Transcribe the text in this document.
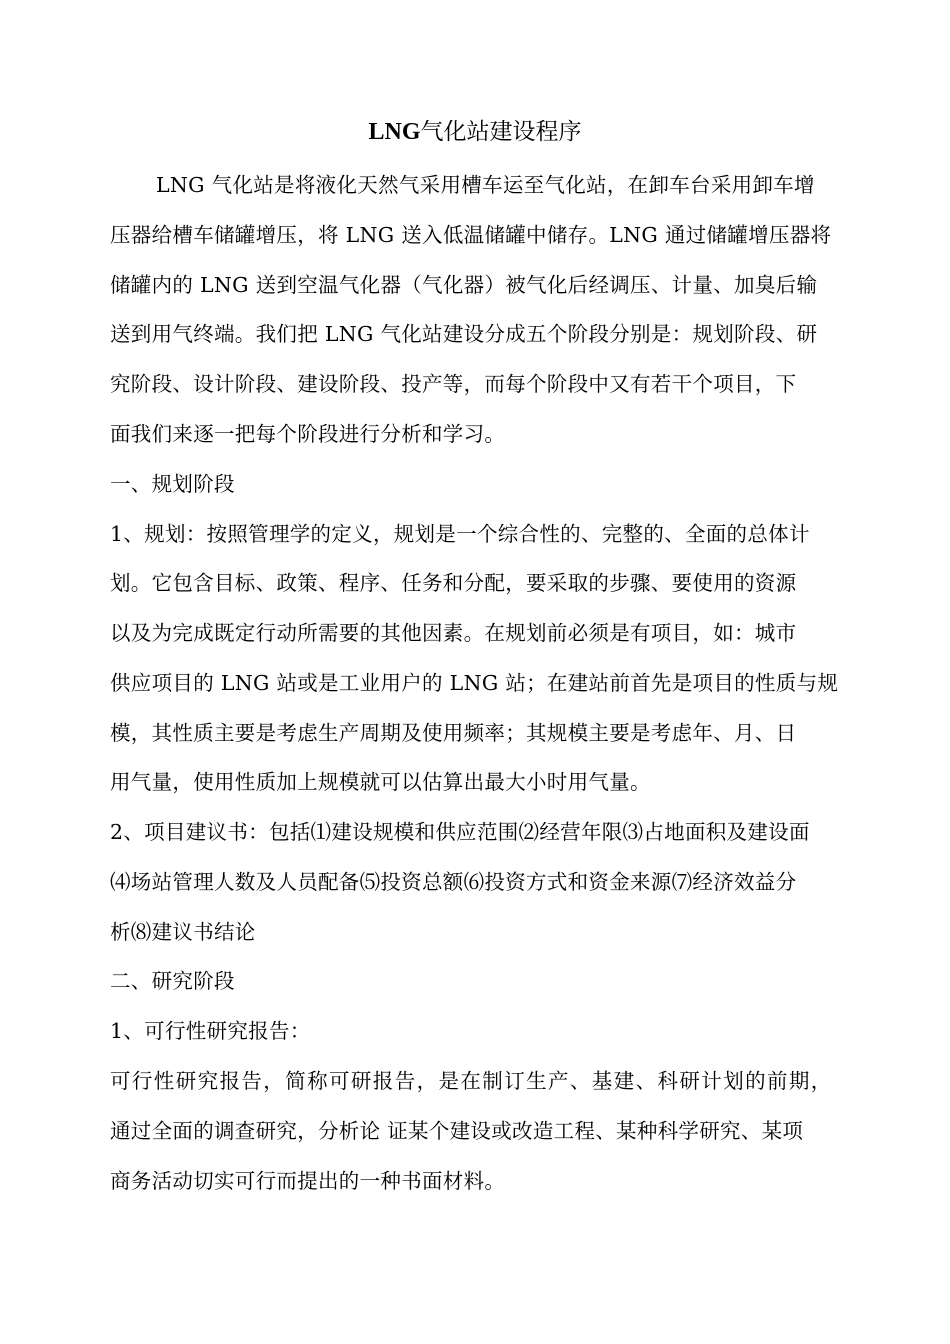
LNG气化站建设程序
LNG 气化站是将液化天然气采用槽车运至气化站，在卸车台采用卸车增
压器给槽车储罐增压，将 LNG 送入低温储罐中储存。LNG 通过储罐增压器将
储罐内的 LNG 送到空温气化器（气化器）被气化后经调压、计量、加臭后输
送到用气终端。我们把 LNG 气化站建设分成五个阶段分别是：规划阶段、研
究阶段、设计阶段、建设阶段、投产等，而每个阶段中又有若干个项目，下
面我们来逐一把每个阶段进行分析和学习。
一、规划阶段
1、规划：按照管理学的定义，规划是一个综合性的、完整的、全面的总体计
划。它包含目标、政策、程序、任务和分配，要采取的步骤、要使用的资源
以及为完成既定行动所需要的其他因素。在规划前必须是有项目，如：城市
供应项目的 LNG 站或是工业用户的 LNG 站；在建站前首先是项目的性质与规
模，其性质主要是考虑生产周期及使用频率；其规模主要是考虑年、月、日
用气量，使用性质加上规模就可以估算出最大小时用气量。
2、项目建议书：包括⑴建设规模和供应范围⑵经营年限⑶占地面积及建设面
⑷场站管理人数及人员配备⑸投资总额⑹投资方式和资金来源⑺经济效益分
析⑻建议书结论
二、研究阶段
1、可行性研究报告：
可行性研究报告，简称可研报告，是在制订生产、基建、科研计划的前期，
通过全面的调查研究，分析论 证某个建设或改造工程、某种科学研究、某项
商务活动切实可行而提出的一种书面材料。
